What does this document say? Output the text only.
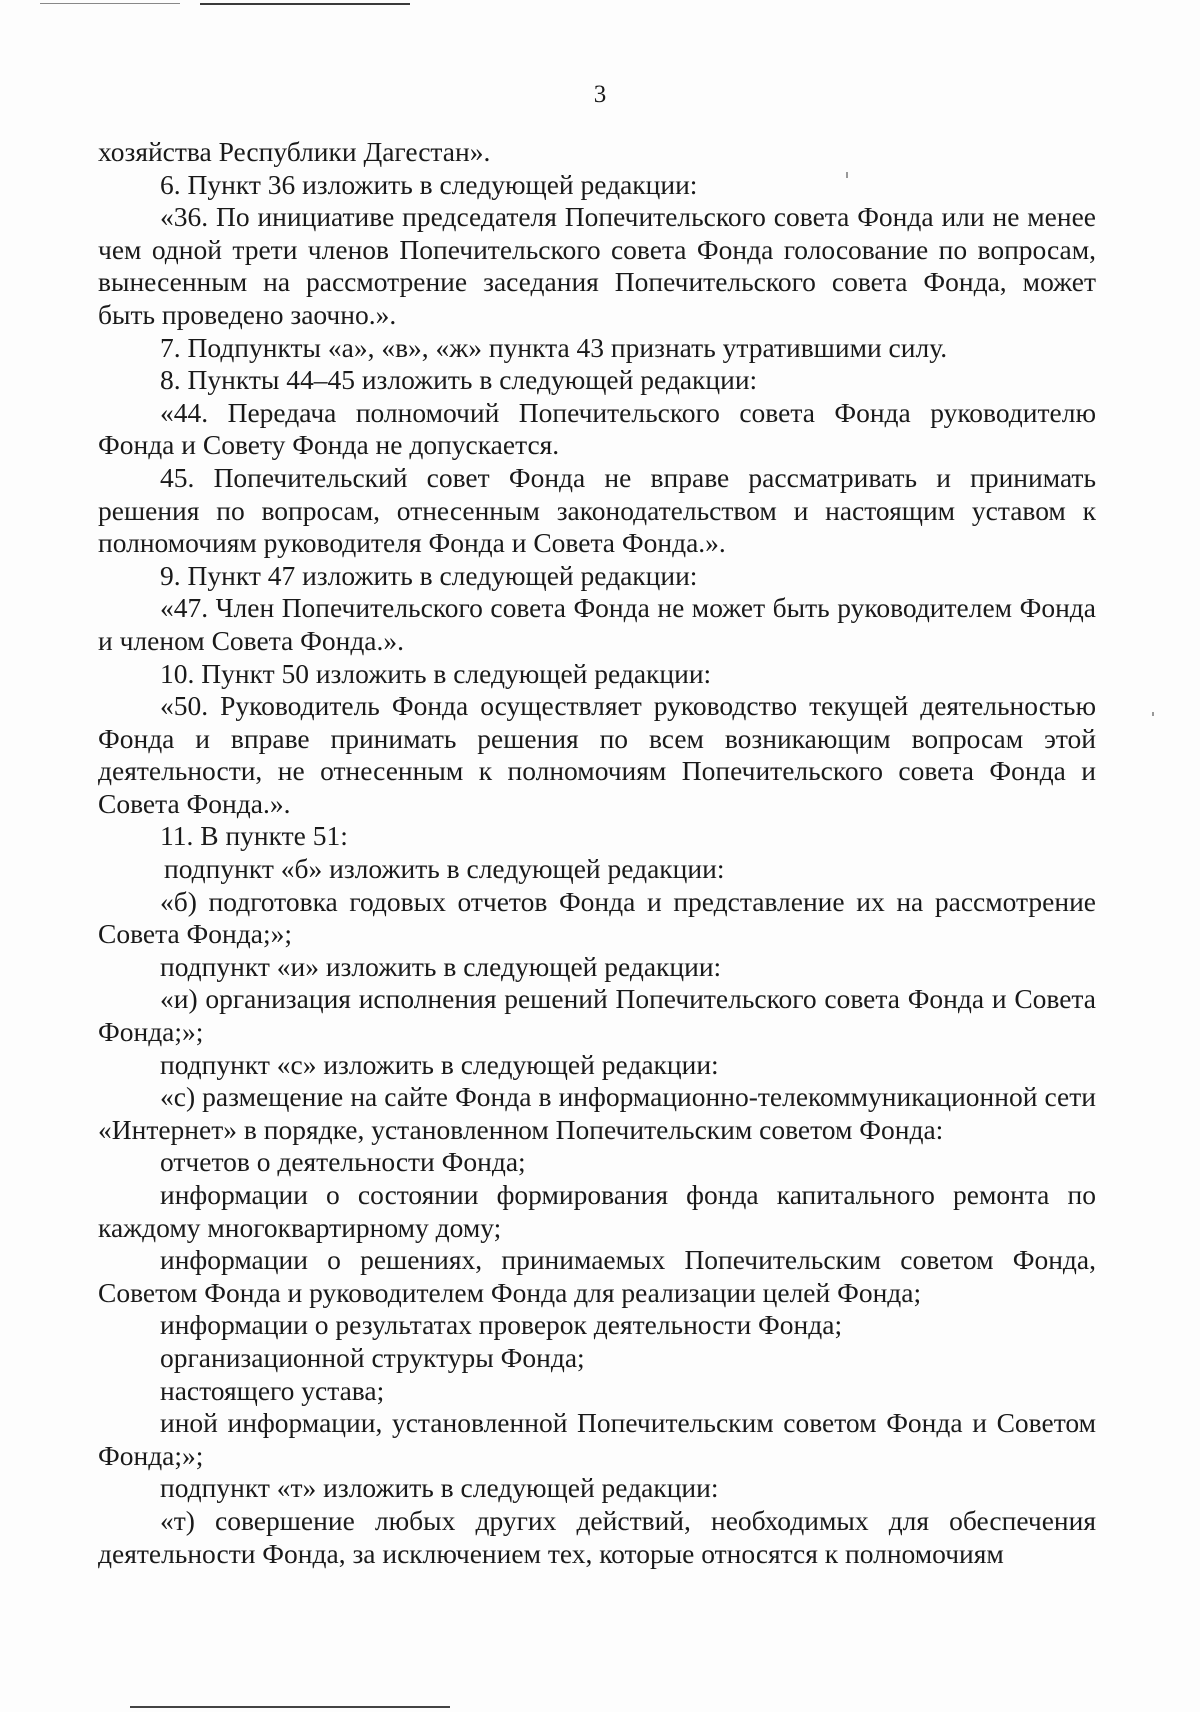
3

хозяйства Республики Дагестан».

6. Пункт 36 изложить в следующей редакции:

«36. По инициативе председателя Попечительского совета Фонда или не менее чем одной трети членов Попечительского совета Фонда голосование по вопросам, вынесенным на рассмотрение заседания Попечительского совета Фонда, может быть проведено заочно.».

7. Подпункты «а», «в», «ж» пункта 43 признать утратившими силу.

8. Пункты 44–45 изложить в следующей редакции:

«44. Передача полномочий Попечительского совета Фонда руководителю Фонда и Совету Фонда не допускается.

45. Попечительский совет Фонда не вправе рассматривать и принимать решения по вопросам, отнесенным законодательством и настоящим уставом к полномочиям руководителя Фонда и Совета Фонда.».

9. Пункт 47 изложить в следующей редакции:

«47. Член Попечительского совета Фонда не может быть руководителем Фонда и членом Совета Фонда.».

10. Пункт 50 изложить в следующей редакции:

«50. Руководитель Фонда осуществляет руководство текущей деятельностью Фонда и вправе принимать решения по всем возникающим вопросам этой деятельности, не отнесенным к полномочиям Попечительского совета Фонда и Совета Фонда.».

11. В пункте 51:

подпункт «б» изложить в следующей редакции:

«б) подготовка годовых отчетов Фонда и представление их на рассмотрение Совета Фонда;»;

подпункт «и» изложить в следующей редакции:

«и) организация исполнения решений Попечительского совета Фонда и Совета Фонда;»;

подпункт «с» изложить в следующей редакции:

«с) размещение на сайте Фонда в информационно-телекоммуникационной сети «Интернет» в порядке, установленном Попечительским советом Фонда:

отчетов о деятельности Фонда;

информации о состоянии формирования фонда капитального ремонта по каждому многоквартирному дому;

информации о решениях, принимаемых Попечительским советом Фонда, Советом Фонда и руководителем Фонда для реализации целей Фонда;

информации о результатах проверок деятельности Фонда;

организационной структуры Фонда;

настоящего устава;

иной информации, установленной Попечительским советом Фонда и Советом Фонда;»;

подпункт «т» изложить в следующей редакции:

«т) совершение любых других действий, необходимых для обеспечения деятельности Фонда, за исключением тех, которые относятся к полномочиям
